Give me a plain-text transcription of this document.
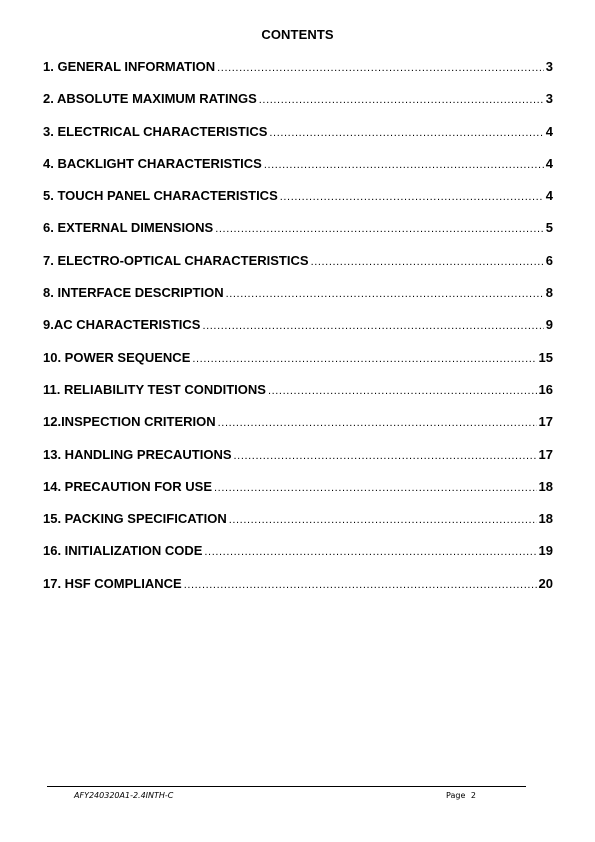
CONTENTS
1. GENERAL INFORMATION .....	3
2. ABSOLUTE MAXIMUM RATINGS .....	3
3. ELECTRICAL CHARACTERISTICS .....	4
4. BACKLIGHT CHARACTERISTICS .....	4
5. TOUCH PANEL CHARACTERISTICS .....	4
6. EXTERNAL DIMENSIONS .....	5
7. ELECTRO-OPTICAL CHARACTERISTICS .....	6
8. INTERFACE DESCRIPTION .....	8
9.AC CHARACTERISTICS .....	9
10. POWER SEQUENCE .....	15
11. RELIABILITY TEST CONDITIONS .....	16
12.INSPECTION CRITERION .....	17
13. HANDLING PRECAUTIONS .....	17
14. PRECAUTION FOR USE .....	18
15. PACKING SPECIFICATION .....	18
16. INITIALIZATION CODE .....	19
17. HSF COMPLIANCE .....	20
AFY240320A1-2.4INTH-C	Page 2
